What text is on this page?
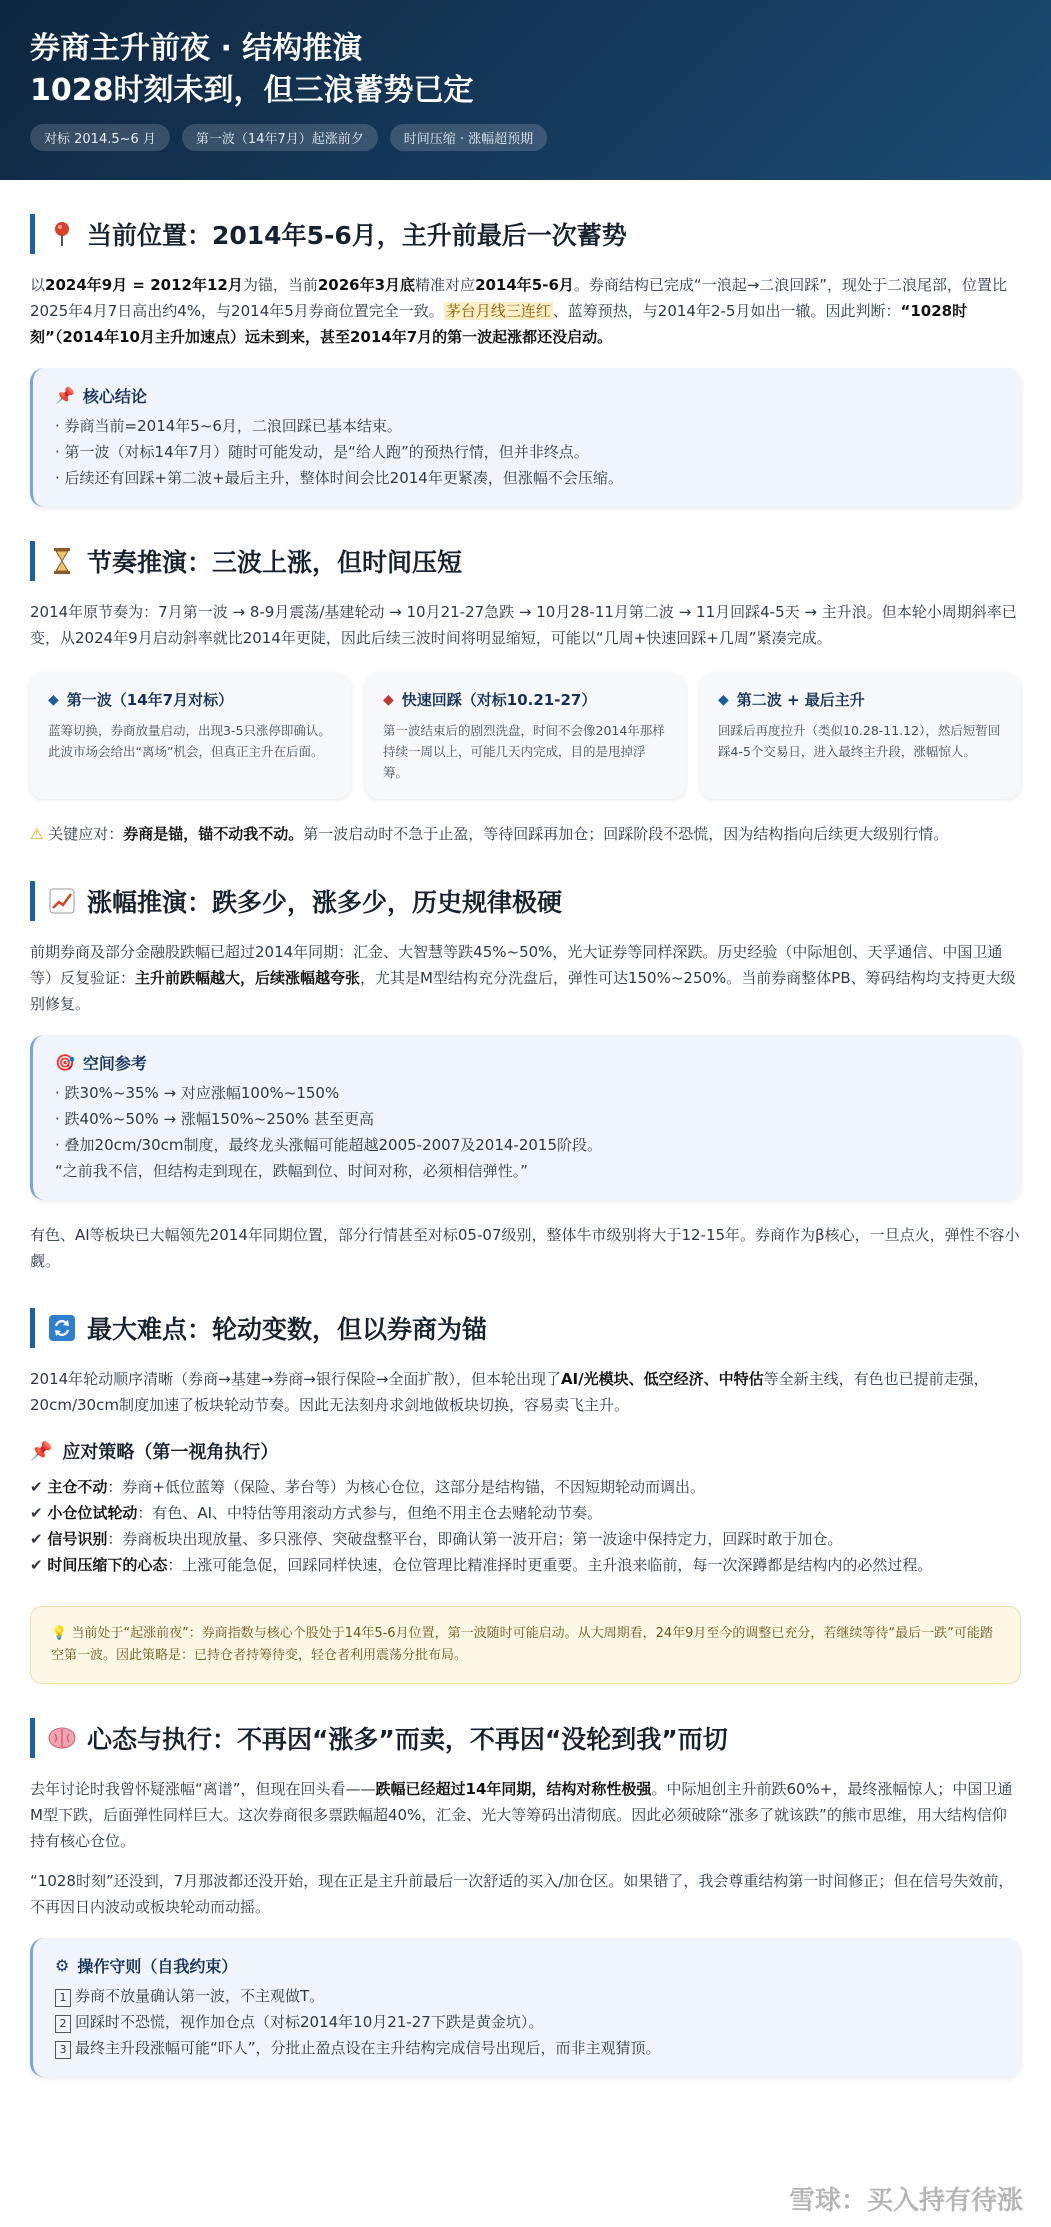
券商主升前夜 · 结构推演
1028时刻未到，但三浪蓄势已定
对标 2014.5~6 月	第一波（14年7月）起涨前夕	时间压缩 · 涨幅超预期
当前位置：2014年5-6月，主升前最后一次蓄势

以2024年9月 = 2012年12月为锚，当前2026年3月底精准对应2014年5-6月。券商结构已完成“一浪起→二浪回踩”，现处于二浪尾部，位置比2025年4月7日高出约4%，与2014年5月券商位置完全一致。 茅台月线三连红 、蓝筹预热，与2014年2-5月如出一辙。因此判断：“1028时刻”（2014年10月主升加速点）远未到来，甚至2014年7月的第一波起涨都还没启动。

📌 核心结论
· 券商当前=2014年5~6月，二浪回踩已基本结束。
· 第一波（对标14年7月）随时可能发动，是“给人跑”的预热行情，但并非终点。
· 后续还有回踩+第二波+最后主升，整体时间会比2014年更紧凑，但涨幅不会压缩。
节奏推演：三波上涨，但时间压短

2014年原节奏为：7月第一波 → 8-9月震荡/基建轮动 → 10月21-27急跌 → 10月28-11月第二波 → 11月回踩4-5天 → 主升浪。但本轮小周期斜率已变，从2024年9月启动斜率就比2014年更陡，因此后续三波时间将明显缩短，可能以“几周+快速回踩+几周”紧凑完成。

◆ 第一波（14年7月对标）
蓝筹切换，券商放量启动，出现3-5只涨停即确认。此波市场会给出“离场”机会，但真正主升在后面。
◆ 快速回踩（对标10.21-27）
第一波结束后的剧烈洗盘，时间不会像2014年那样持续一周以上，可能几天内完成，目的是甩掉浮筹。
◆ 第二波 + 最后主升
回踩后再度拉升（类似10.28-11.12），然后短暂回踩4-5个交易日，进入最终主升段，涨幅惊人。

⚠ 关键应对：券商是锚，锚不动我不动。第一波启动时不急于止盈，等待回踩再加仓；回踩阶段不恐慌，因为结构指向后续更大级别行情。

涨幅推演：跌多少，涨多少，历史规律极硬

前期券商及部分金融股跌幅已超过2014年同期：汇金、大智慧等跌45%~50%，光大证券等同样深跌。历史经验（中际旭创、天孚通信、中国卫通等）反复验证：主升前跌幅越大，后续涨幅越夸张，尤其是M型结构充分洗盘后，弹性可达150%~250%。当前券商整体PB、筹码结构均支持更大级别修复。

🎯 空间参考
· 跌30%~35% → 对应涨幅100%~150%
· 跌40%~50% → 涨幅150%~250% 甚至更高
· 叠加20cm/30cm制度，最终龙头涨幅可能超越2005-2007及2014-2015阶段。
“之前我不信，但结构走到现在，跌幅到位、时间对称，必须相信弹性。”

有色、AI等板块已大幅领先2014年同期位置，部分行情甚至对标05-07级别，整体牛市级别将大于12-15年。券商作为β核心，一旦点火，弹性不容小觑。

最大难点：轮动变数，但以券商为锚

2014年轮动顺序清晰（券商→基建→券商→银行保险→全面扩散），但本轮出现了AI/光模块、低空经济、中特估等全新主线，有色也已提前走强，20cm/30cm制度加速了板块轮动节奏。因此无法刻舟求剑地做板块切换，容易卖飞主升。

📌 应对策略（第一视角执行）
✔ 主仓不动：券商+低位蓝筹（保险、茅台等）为核心仓位，这部分是结构锚，不因短期轮动而调出。
✔ 小仓位试轮动：有色、AI、中特估等用滚动方式参与，但绝不用主仓去赌轮动节奏。
✔ 信号识别：券商板块出现放量、多只涨停、突破盘整平台，即确认第一波开启；第一波途中保持定力，回踩时敢于加仓。
✔ 时间压缩下的心态：上涨可能急促，回踩同样快速，仓位管理比精准择时更重要。主升浪来临前，每一次深蹲都是结构内的必然过程。
💡 当前处于“起涨前夜”：券商指数与核心个股处于14年5-6月位置，第一波随时可能启动。从大周期看，24年9月至今的调整已充分，若继续等待“最后一跌”可能踏空第一波。因此策略是：已持仓者持筹待变，轻仓者利用震荡分批布局。
心态与执行：不再因“涨多”而卖，不再因“没轮到我”而切

去年讨论时我曾怀疑涨幅“离谱”，但现在回头看——跌幅已经超过14年同期，结构对称性极强。中际旭创主升前跌60%+，最终涨幅惊人；中国卫通M型下跌，后面弹性同样巨大。这次券商很多票跌幅超40%，汇金、光大等筹码出清彻底。因此必须破除“涨多了就该跌”的熊市思维，用大结构信仰持有核心仓位。

“1028时刻”还没到，7月那波都还没开始，现在正是主升前最后一次舒适的买入/加仓区。如果错了，我会尊重结构第一时间修正；但在信号失效前，不再因日内波动或板块轮动而动摇。

⚙ 操作守则（自我约束）
1 券商不放量确认第一波，不主观做T。
2 回踩时不恐慌，视作加仓点（对标2014年10月21-27下跌是黄金坑）。
3 最终主升段涨幅可能“吓人”，分批止盈点设在主升结构完成信号出现后，而非主观猜顶。
雪球：买入持有待涨
